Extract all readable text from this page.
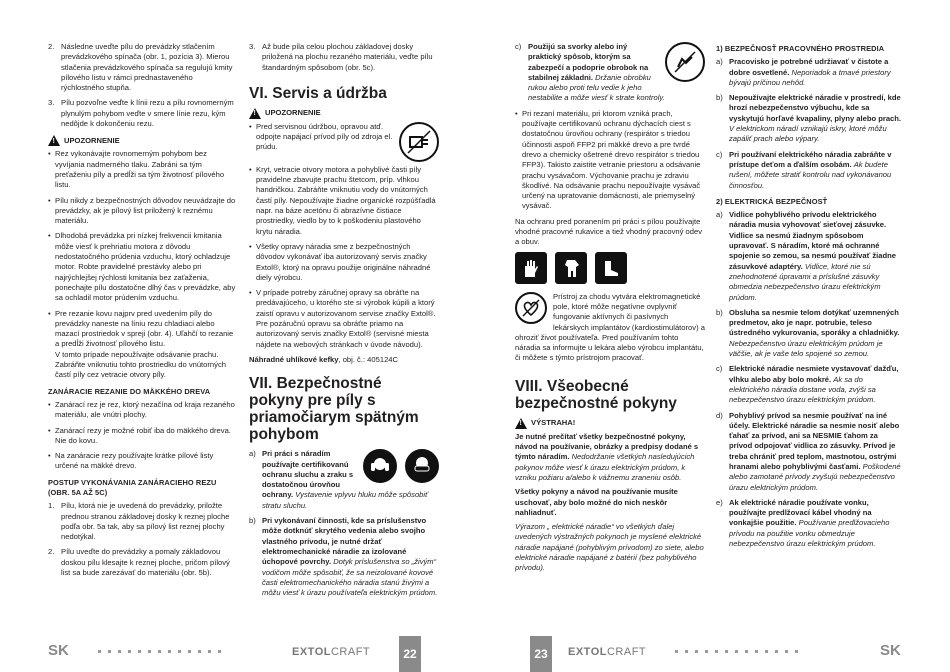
2. Následne uveďte pílu do prevádzky stlačením prevádzkového spínača (obr. 1, pozícia 3). Mierou stlačenia prevádzkového spínača sa regulujú kmity pílového listu v rámci prednastaveného rýchlostného stupňa.
3. Pílu pozvoľne veďte k línii rezu a pílu rovnomerným plynulým pohybom veďte v smere línie rezu, kým nedôjde k dokončeniu rezu.
!
UPOZORNENIE
• Rez vykonávajte rovnomerným pohybom bez vyvíjania nadmerného tlaku. Zabráni sa tým preťaženiu píly a predĺži sa tým životnosť pílového listu.
• Pílu nikdy z bezpečnostných dôvodov neuvádzajte do prevádzky, ak je pílový list priložený k reznému materiálu.
• Dlhodobá prevádzka pri nízkej frekvencii kmitania môže viesť k prehriatiu motora z dôvodu nedostatočného prúdenia vzduchu, ktorý ochladzuje motor. Robte pravidelné prestávky alebo pri najrýchlejšej rýchlosti kmitania bez zaťaženia, ponechajte pílu dostatočne dlhý čas v prevádzke, aby sa ochladil motor prúdením vzduchu.
• Pre rezanie kovu najprv pred uvedením píly do prevádzky naneste na líniu rezu chladiaci alebo mazací prostriedok v spreji (obr. 4). Uľahčí to rezanie a predĺži životnosť pílového listu.
V tomto prípade nepoužívajte odsávanie prachu. Zabráňte vniknutiu tohto prostriedku do vnútorných častí píly cez vetracie otvory píly.
ZANÁRACIE REZANIE DO MÄKKÉHO DREVA
• Zanárací rez je rez, ktorý nezačína od kraja rezaného materiálu, ale vnútri plochy.
• Zanárací rezy je možné robiť iba do mäkkého dreva. Nie do kovu.
• Na zanáracie rezy používajte krátke pílové listy určené na mäkké drevo.
POSTUP VYKONÁVANIA ZANÁRACIEHO REZU (OBR. 5A AŽ 5C)
1. Pílu, ktorá nie je uvedená do prevádzky, priložte prednou stranou základovej dosky k reznej ploche podľa obr. 5a tak, aby sa pílový list reznej plochy nedotýkal.
2. Pílu uveďte do prevádzky a pomaly základovou doskou pílu klesajte k reznej ploche, pričom pílový list sa bude zarezávať do materiálu (obr. 5b).
3. Až bude píla celou plochou základovej dosky priložená na plochu rezaného materiálu, veďte pílu štandardným spôsobom (obr. 5c).
VI. Servis a údržba
!
UPOZORNENIE
• Pred servisnou údržbou, opravou atď. odpojte napájací prívod píly od zdroja el. prúdu.
• Kryt, vetracie otvory motora a pohyblivé časti píly pravidelne zbavujte prachu štetcom, príp. vlhkou handričkou. Zabráňte vniknutiu vody do vnútorných častí píly. Nepoužívajte žiadne organické rozpúšťadlá napr. na báze acetónu či abrazívne čistiace prostriedky, viedlo by to k poškodeniu plastového krytu náradia.
• Všetky opravy náradia sme z bezpečnostných dôvodov vykonávať iba autorizovaný servis značky Extol®, ktorý na opravu použije originálne náhradné diely výrobcu.
• V prípade potreby záručnej opravy sa obráťte na predávajúceho, u ktorého ste si výrobok kúpili a ktorý zaistí opravu v autorizovanom servise značky Extol®. Pre pozáručnú opravu sa obráťte priamo na autorizovaný servis značky Extol® (servisné miesta nájdete na webových stránkach v úvode návodu).

Náhradné uhlíkové kefky, obj. č.: 405124C

VII. Bezpečnostné pokyny pre píly s priamočiarym spätným pohybom
a) Pri práci s náradím používajte certifikovanú ochranu sluchu a zraku s dostatočnou úrovňou ochrany. Vystavenie vplyvu hluku môže spôsobiť stratu sluchu.
b) Pri vykonávaní činnosti, kde sa príslušenstvo môže dotknúť skrytého vedenia alebo svojho vlastného prívodu, je nutné držať elektromechanické náradie za izolované úchopové povrchy. Dotyk príslušenstva so „živým“ vodičom môže spôsobiť, že sa neizolované kovové časti elektromechanického náradia stanú živými a môžu viesť k úrazu používateľa elektrickým prúdom.
c) Použijú sa svorky alebo iný praktický spôsob, ktorým sa zabezpečí a podoprie obrobok na stabilnej základni. Držanie obrobku rukou alebo proti telu vedie k jeho nestabilite a môže viesť k strate kontroly.
• Pri rezaní materiálu, pri ktorom vzniká prach, používajte certifikovanú ochranu dýchacích ciest s dostatočnou úrovňou ochrany (respirátor s triedou účinnosti aspoň FFP2 pri mäkké drevo a pre tvrdé drevo a chemicky ošetrené drevo respirátor s triedou FFP3). Takisto zaistite vetranie priestoru a odsávanie prachu vysávačom. Výchovanie prachu je zdraviu škodlivé. Na odsávanie prachu nepoužívajte vysávač určený na upratovanie domácnosti, ale priemyselný vysávač.

Na ochranu pred poranením pri práci s pílou používajte vhodné pracovné rukavice a tiež vhodný pracovný odev a obuv.

Prístroj za chodu vytvára elektromagnetické pole, ktoré môže negatívne ovplyvniť fungovanie aktívnych či pasívnych lekárskych implantátov (kardiostimulátorov) a ohroziť život používateľa. Pred používaním tohto náradia sa informujte u lekára alebo výrobcu implantátu, či môžete s týmto prístrojom pracovať.

VIII. Všeobecné bezpečnostné pokyny
!
VÝSTRAHA!

Je nutné prečítať všetky bezpečnostné pokyny, návod na používanie, obrázky a predpisy dodané s týmto náradím. Nedodržanie všetkých nasledujúcich pokynov môže viesť k úrazu elektrickým prúdom, k vzniku požiaru a/alebo k vážnemu zraneniu osôb.

Všetky pokyny a návod na používanie musíte uschovať, aby bolo možné do nich neskôr nahliadnuť.

Výrazom „ elektrické náradie“ vo všetkých ďalej uvedených výstražných pokynoch je myslené elektrické náradie napájané (pohyblivým prívodom) zo siete, alebo elektrické náradie napájané z batérií (bez pohyblivého prívodu).

1) BEZPEČNOSŤ PRACOVNÉHO PROSTREDIA
a) Pracovisko je potrebné udržiavať v čistote a dobre osvetlené. Neporiadok a tmavé priestory bývajú príčinou nehôd.
b) Nepoužívajte elektrické náradie v prostredí, kde hrozí nebezpečenstvo výbuchu, kde sa vyskytujú horľavé kvapaliny, plyny alebo prach. V elektrickom náradí vznikajú iskry, ktoré môžu zapáliť prach alebo výpary.
c) Pri používaní elektrického náradia zabráňte v prístupe deťom a ďalším osobám. Ak budete rušení, môžete stratiť kontrolu nad vykonávanou činnosťou.
2) ELEKTRICKÁ BEZPEČNOSŤ
a) Vidlice pohyblivého prívodu elektrického náradia musia vyhovovať sieťovej zásuvke. Vidlice sa nesmú žiadnym spôsobom upravovať. S náradím, ktoré má ochranné spojenie so zemou, sa nesmú používať žiadne zásuvkové adaptéry. Vidlice, ktoré nie sú znehodnotené úpravami a príslušné zásuvky obmedzia nebezpečenstvo úrazu elektrickým prúdom.
b) Obsluha sa nesmie telom dotýkať uzemnených predmetov, ako je napr. potrubie, teleso ústredného vykurovania, sporáky a chladničky. Nebezpečenstvo úrazu elektrickým prúdom je väčšie, ak je vaše telo spojené so zemou.
c) Elektrické náradie nesmiete vystavovať dažďu, vlhku alebo aby bolo mokré. Ak sa do elektrického náradia dostane voda, zvýši sa nebezpečenstvo úrazu elektrickým prúdom.
d) Pohyblivý prívod sa nesmie používať na iné účely. Elektrické náradie sa nesmie nosiť alebo ťahať za prívod, ani sa NESMIE ťahom za prívod odpojovať vidlica zo zásuvky. Prívod je treba chrániť pred teplom, mastnotou, ostrými hranami alebo pohyblivými časťami. Poškodené alebo zamotané prívody zvyšujú nebezpečenstvo úrazu elektrickým prúdom.
e) Ak elektrické náradie používate vonku, používajte predlžovací kábel vhodný na vonkajšie použitie. Používanie predlžovacieho prívodu na použitie vonku obmedzuje nebezpečenstvo úrazu elektrickým prúdom.
SK	EXTOLCRAFT	22	23	EXTOLCRAFT	SK
